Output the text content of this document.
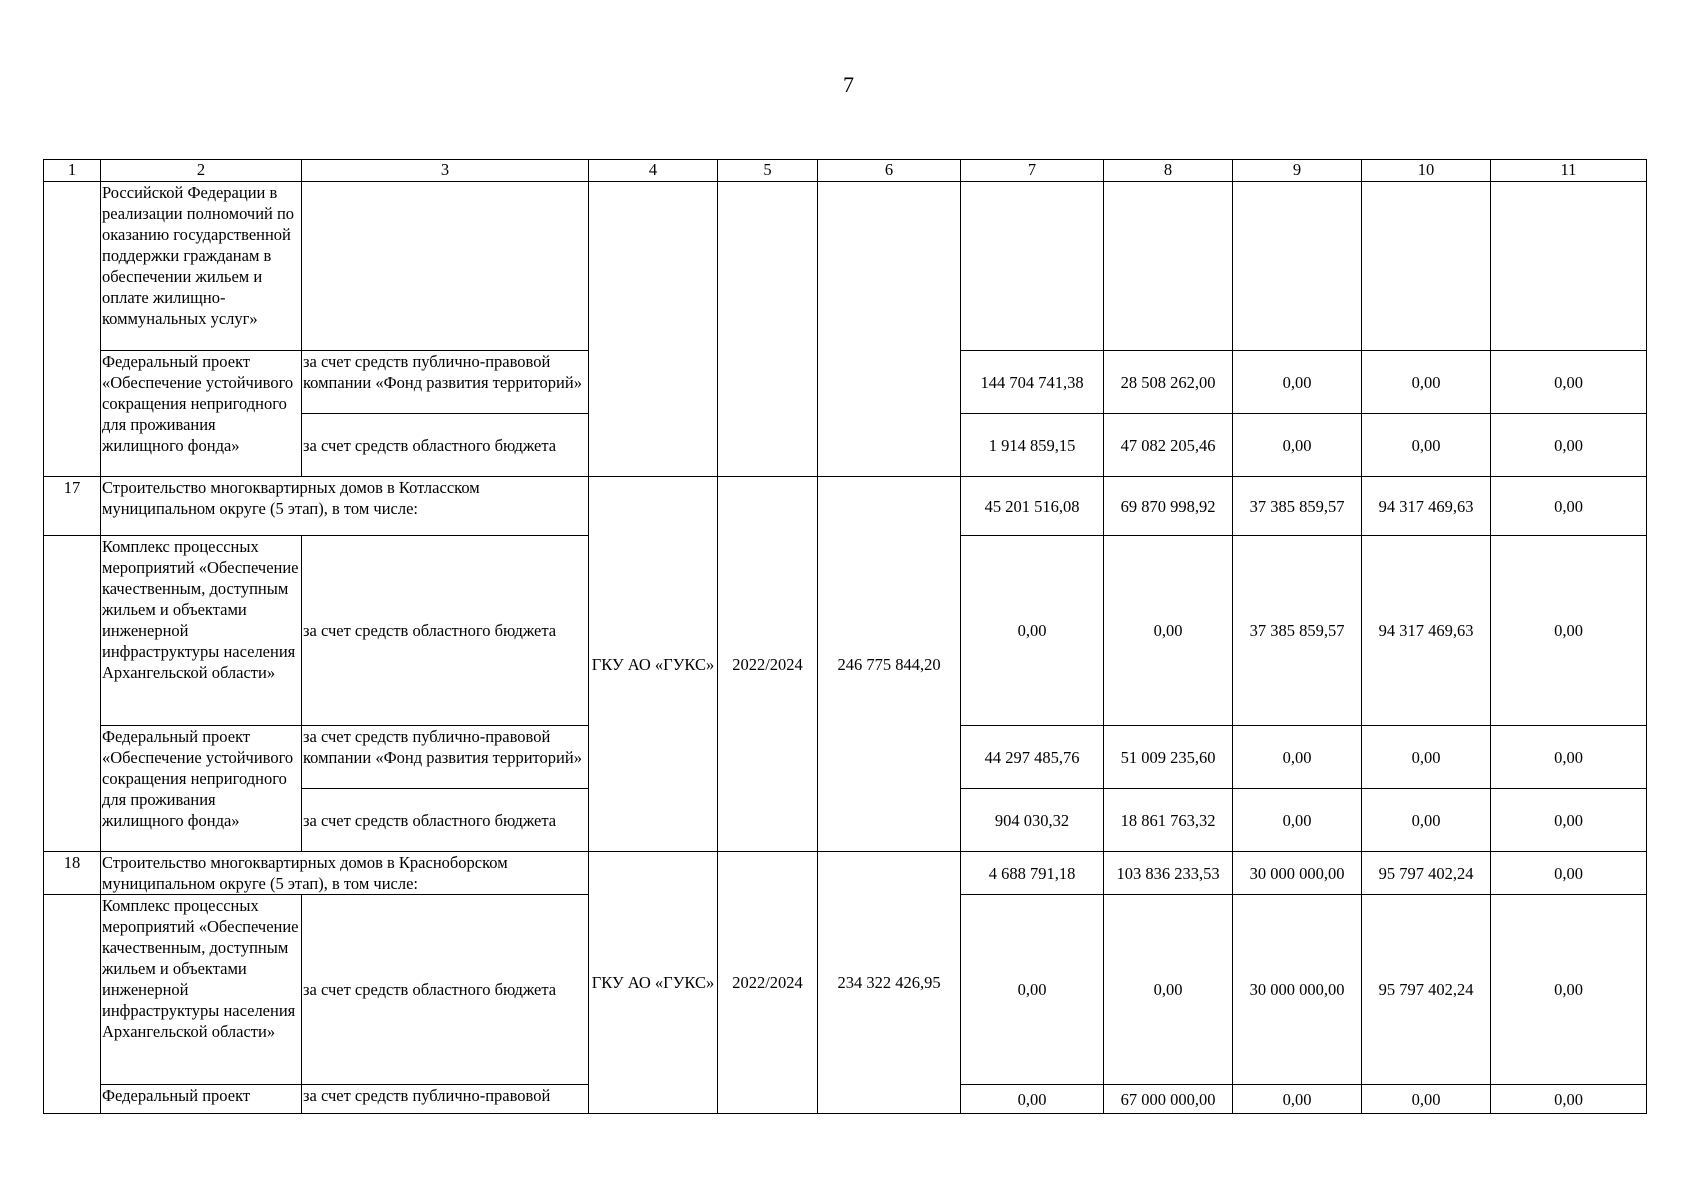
7
1	2	3	4	5	6	7	8	9	10	11
	Российской Федерации в реализации полномочий по оказанию государственной поддержки гражданам в обеспечении жильем и оплате жилищно-коммунальных услуг»									
	Федеральный проект «Обеспечение устойчивого сокращения непригодного для проживания жилищного фонда»	за счет средств публично-правовой компании «Фонд развития территорий»				144 704 741,38	28 508 262,00	0,00	0,00	0,00
		за счет средств областного бюджета				1 914 859,15	47 082 205,46	0,00	0,00	0,00
17	Строительство многоквартирных домов в Котласском муниципальном округе (5 этап), в том числе:		ГКУ АО «ГУКС»	2022/2024	246 775 844,20	45 201 516,08	69 870 998,92	37 385 859,57	94 317 469,63	0,00
	Комплекс процессных мероприятий «Обеспечение качественным, доступным жильем и объектами инженерной инфраструктуры населения Архангельской области»	за счет средств областного бюджета				0,00	0,00	37 385 859,57	94 317 469,63	0,00
	Федеральный проект «Обеспечение устойчивого сокращения непригодного для проживания жилищного фонда»	за счет средств публично-правовой компании «Фонд развития территорий»				44 297 485,76	51 009 235,60	0,00	0,00	0,00
		за счет средств областного бюджета				904 030,32	18 861 763,32	0,00	0,00	0,00
18	Строительство многоквартирных домов в Красноборском муниципальном округе (5 этап), в том числе:		ГКУ АО «ГУКС»	2022/2024	234 322 426,95	4 688 791,18	103 836 233,53	30 000 000,00	95 797 402,24	0,00
	Комплекс процессных мероприятий «Обеспечение качественным, доступным жильем и объектами инженерной инфраструктуры населения Архангельской области»	за счет средств областного бюджета				0,00	0,00	30 000 000,00	95 797 402,24	0,00
	Федеральный проект	за счет средств публично-правовой				0,00	67 000 000,00	0,00	0,00	0,00
